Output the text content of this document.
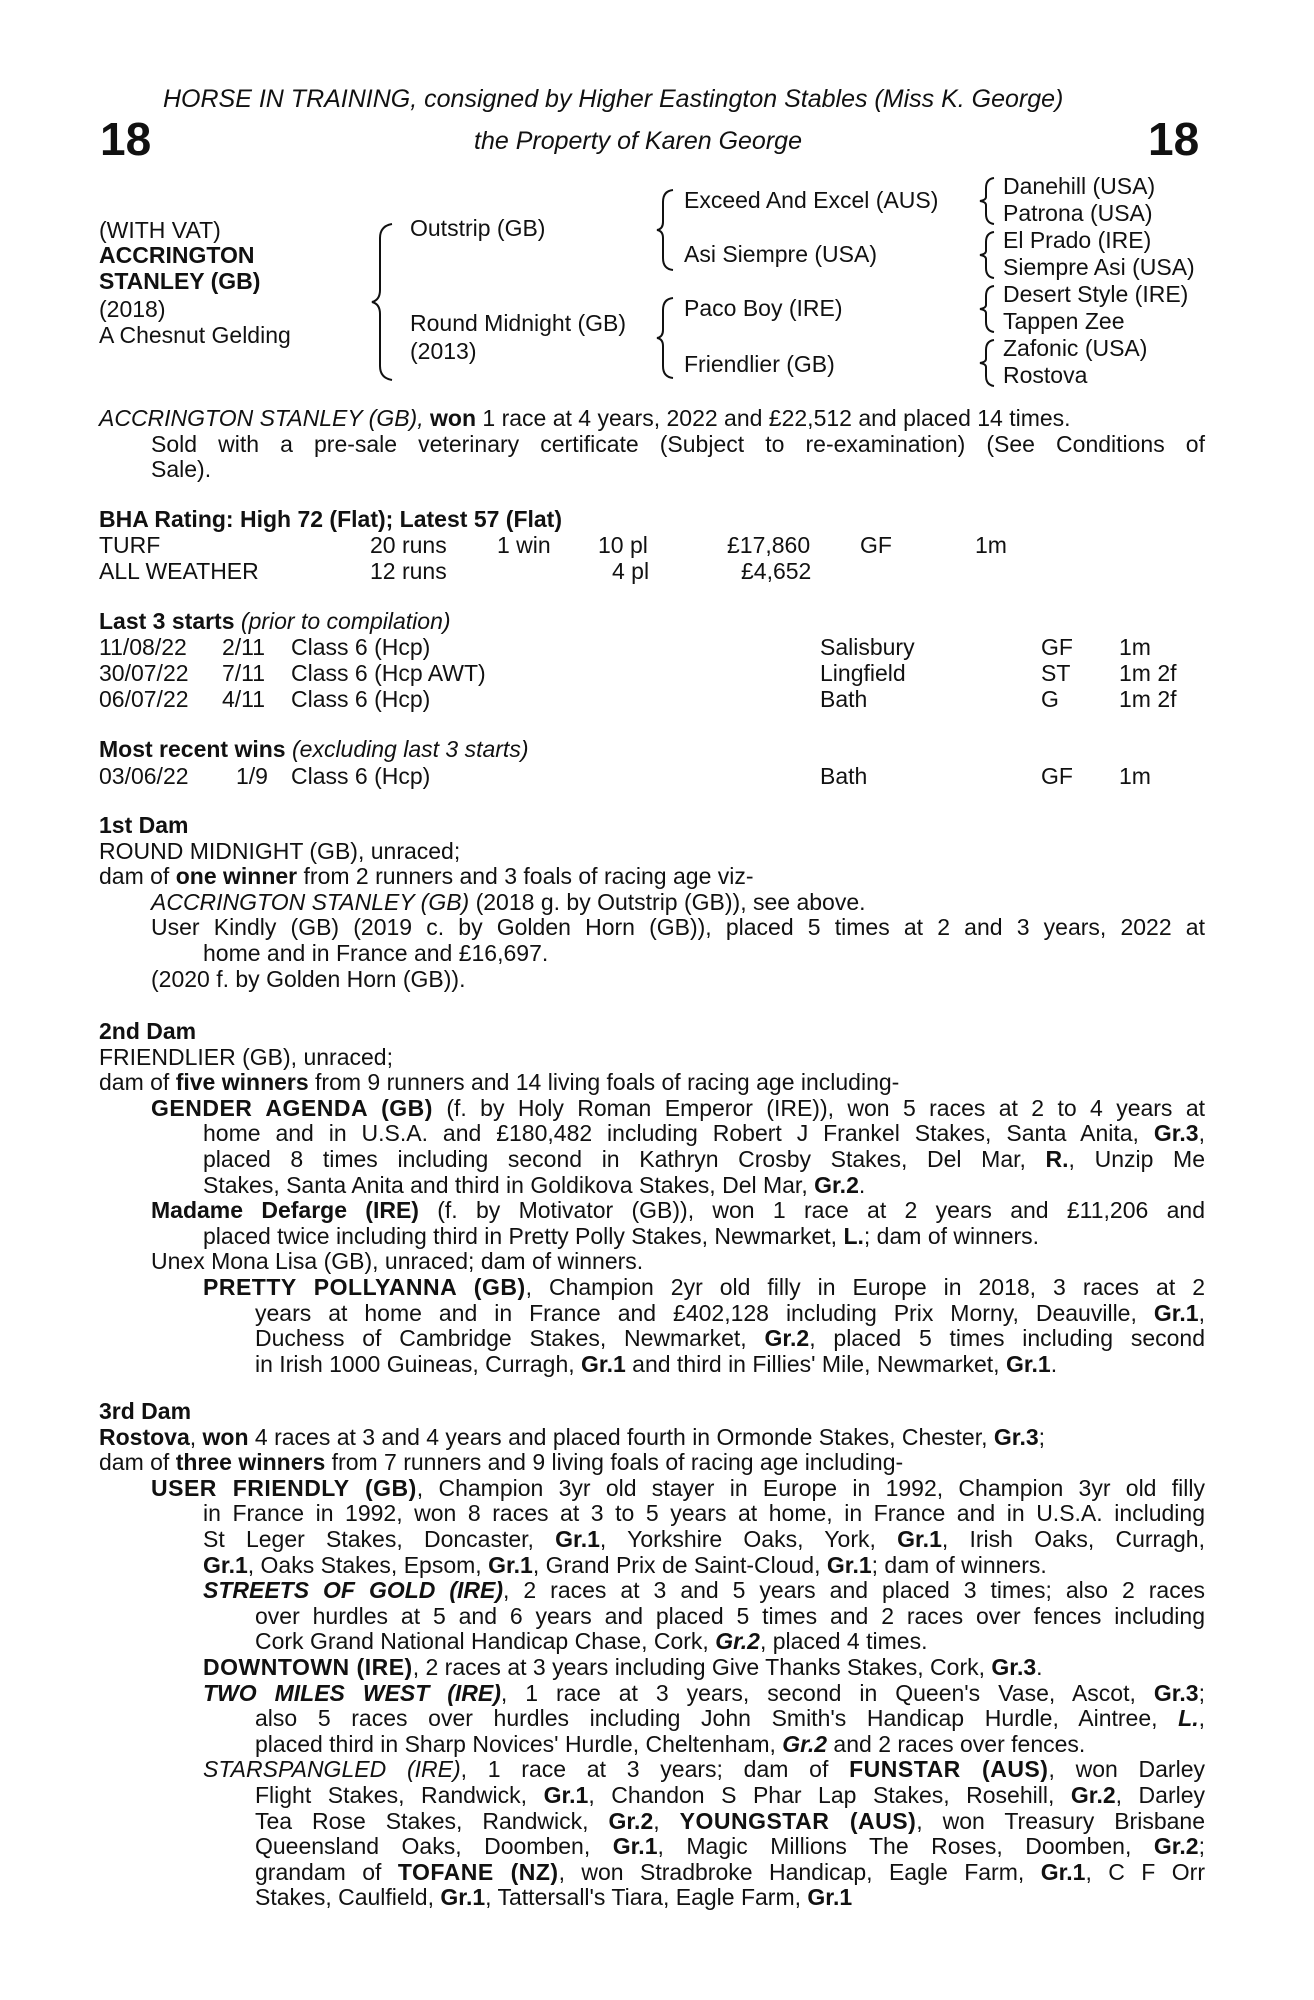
HORSE IN TRAINING, consigned by Higher Eastington Stables (Miss K. George)
18	the Property of Karen George	18
(WITH VAT)
ACCRINGTON
STANLEY (GB)
(2018)
A Chesnut Gelding
Outstrip (GB)
Round Midnight (GB)
(2013)
Exceed And Excel (AUS)
Asi Siempre (USA)
Paco Boy (IRE)
Friendlier (GB)
Danehill (USA)
Patrona (USA)
El Prado (IRE)
Siempre Asi (USA)
Desert Style (IRE)
Tappen Zee
Zafonic (USA)
Rostova
ACCRINGTON STANLEY (GB), won 1 race at 4 years, 2022 and £22,512 and placed 14 times.
Sold with a pre-sale veterinary certificate (Subject to re-examination) (See Conditions of
Sale).
BHA Rating: High 72 (Flat); Latest 57 (Flat)
TURF	20 runs 1 win 10 pl	£17,860 GF	1m
ALL WEATHER	12 runs	4 pl	£4,652
Last 3 starts (prior to compilation)
11/08/22 2/11 Class 6 (Hcp)	Salisbury	GF 1m
30/07/22 7/11 Class 6 (Hcp AWT)	Lingfield	ST 1m 2f
06/07/22 4/11 Class 6 (Hcp)	Bath	G	1m 2f
Most recent wins (excluding last 3 starts)
03/06/22 1/9 Class 6 (Hcp)	Bath	GF 1m
1st Dam
ROUND MIDNIGHT (GB), unraced;
dam of one winner from 2 runners and 3 foals of racing age viz-
ACCRINGTON STANLEY (GB) (2018 g. by Outstrip (GB)), see above.
User Kindly (GB) (2019 c. by Golden Horn (GB)), placed 5 times at 2 and 3 years, 2022 at
home and in France and £16,697.
(2020 f. by Golden Horn (GB)).
2nd Dam
FRIENDLIER (GB), unraced;
dam of five winners from 9 runners and 14 living foals of racing age including-
GENDER AGENDA (GB) (f. by Holy Roman Emperor (IRE)), won 5 races at 2 to 4 years at
home and in U.S.A. and £180,482 including Robert J Frankel Stakes, Santa Anita, Gr.3,
placed 8 times including second in Kathryn Crosby Stakes, Del Mar, R., Unzip Me
Stakes, Santa Anita and third in Goldikova Stakes, Del Mar, Gr.2.
Madame Defarge (IRE) (f. by Motivator (GB)), won 1 race at 2 years and £11,206 and
placed twice including third in Pretty Polly Stakes, Newmarket, L.; dam of winners.
Unex Mona Lisa (GB), unraced; dam of winners.
PRETTY POLLYANNA (GB), Champion 2yr old filly in Europe in 2018, 3 races at 2
years at home and in France and £402,128 including Prix Morny, Deauville, Gr.1,
Duchess of Cambridge Stakes, Newmarket, Gr.2, placed 5 times including second
in Irish 1000 Guineas, Curragh, Gr.1 and third in Fillies' Mile, Newmarket, Gr.1.
3rd Dam
Rostova, won 4 races at 3 and 4 years and placed fourth in Ormonde Stakes, Chester, Gr.3;
dam of three winners from 7 runners and 9 living foals of racing age including-
USER FRIENDLY (GB), Champion 3yr old stayer in Europe in 1992, Champion 3yr old filly
in France in 1992, won 8 races at 3 to 5 years at home, in France and in U.S.A. including
St Leger Stakes, Doncaster, Gr.1, Yorkshire Oaks, York, Gr.1, Irish Oaks, Curragh,
Gr.1, Oaks Stakes, Epsom, Gr.1, Grand Prix de Saint-Cloud, Gr.1; dam of winners.
STREETS OF GOLD (IRE), 2 races at 3 and 5 years and placed 3 times; also 2 races
over hurdles at 5 and 6 years and placed 5 times and 2 races over fences including
Cork Grand National Handicap Chase, Cork, Gr.2, placed 4 times.
DOWNTOWN (IRE), 2 races at 3 years including Give Thanks Stakes, Cork, Gr.3.
TWO MILES WEST (IRE), 1 race at 3 years, second in Queen's Vase, Ascot, Gr.3;
also 5 races over hurdles including John Smith's Handicap Hurdle, Aintree, L.,
placed third in Sharp Novices' Hurdle, Cheltenham, Gr.2 and 2 races over fences.
STARSPANGLED (IRE), 1 race at 3 years; dam of FUNSTAR (AUS), won Darley
Flight Stakes, Randwick, Gr.1, Chandon S Phar Lap Stakes, Rosehill, Gr.2, Darley
Tea Rose Stakes, Randwick, Gr.2, YOUNGSTAR (AUS), won Treasury Brisbane
Queensland Oaks, Doomben, Gr.1, Magic Millions The Roses, Doomben, Gr.2;
grandam of TOFANE (NZ), won Stradbroke Handicap, Eagle Farm, Gr.1, C F Orr
Stakes, Caulfield, Gr.1, Tattersall's Tiara, Eagle Farm, Gr.1
